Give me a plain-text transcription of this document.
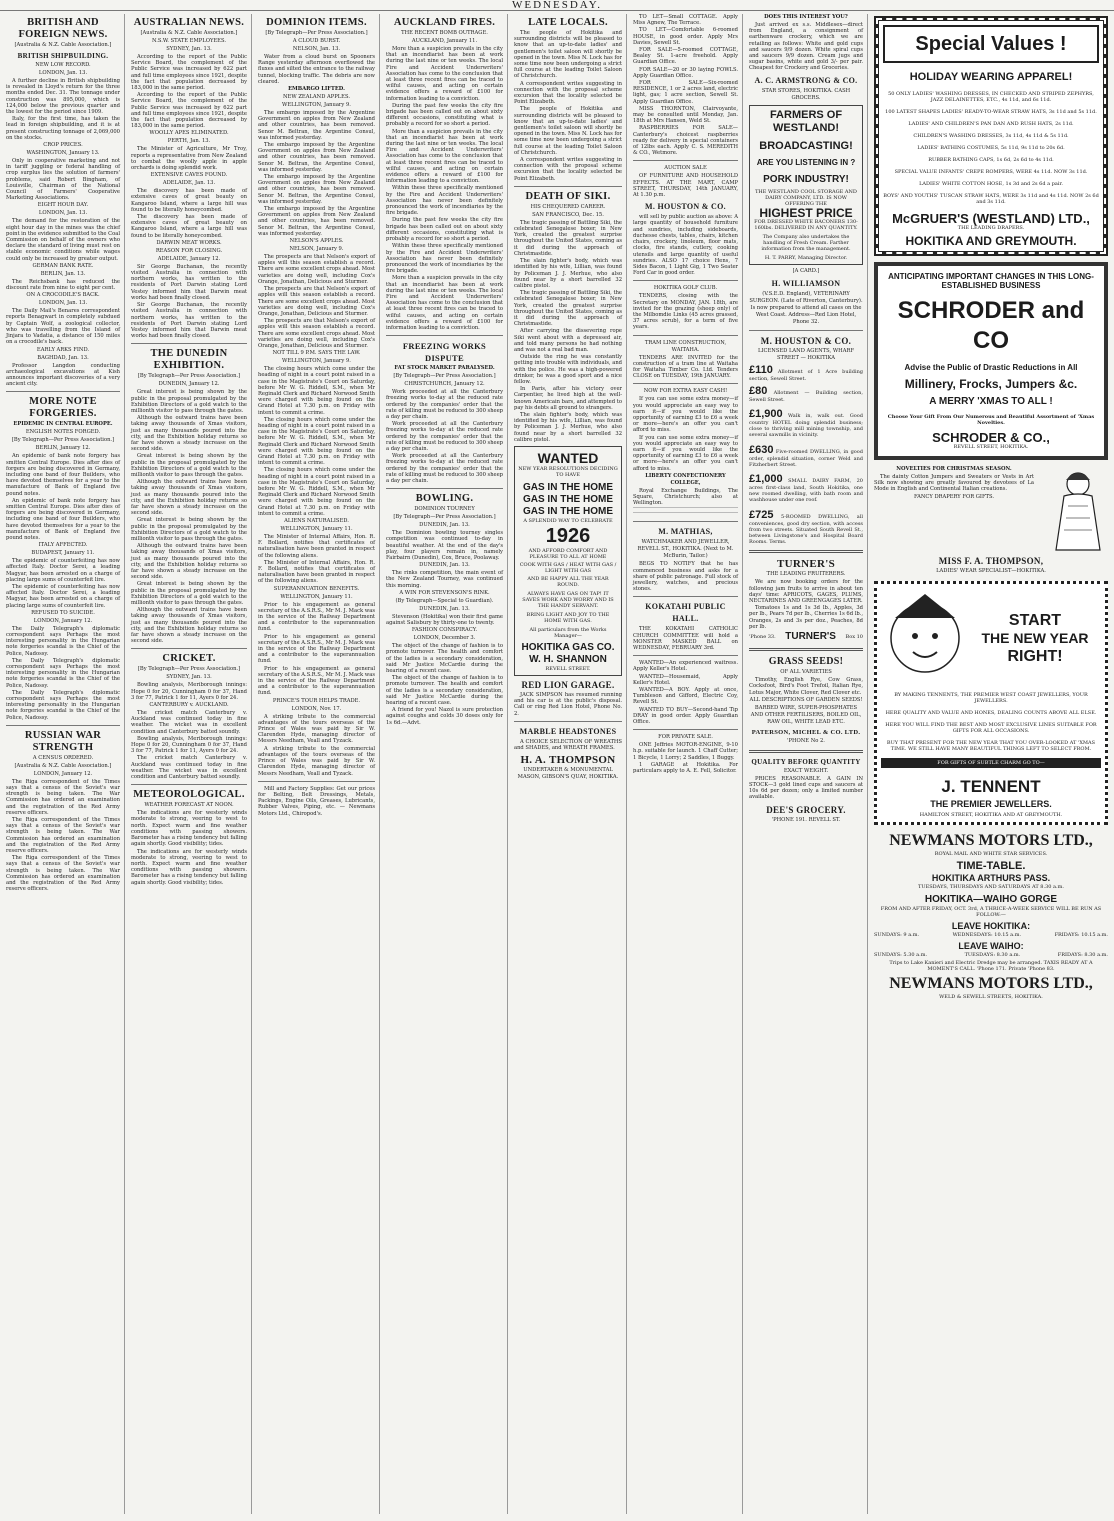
WEDNESDAY.
BRITISH AND FOREIGN NEWS.
[Australia & N.Z. Cable Association.]
BRITISH SHIPBUILDING.
NEW LOW RECORD.
LONDON, Jan. 13.

A further decline in British shipbuilding is revealed in Lloyd's return for the three months ended Dec. 31. The tonnage under construction was 895,000, which is 124,000 below the previous quarter and the lowest for the period since 1909.

Italy, for the first time, has taken the lead in foreign shipbuilding, and it is at present constructing tonnage of 2,069,000 on the stocks.

CROP PRICES.
WASHINGTON, January 13.

Only in cooperative marketing and not in tariff juggling or federal handling of crop surplus lies the solution of farmers' problems, said Robert Bingham, of Louisville, Chairman of the National Council of Farmers' Cooperative Marketing Associations.

EIGHT HOUR DAY.
LONDON, Jan. 13.

The demand for the restoration of the eight hour day in the mines was the chief point in the evidence submitted to the Coal Commission on behalf of the owners who declare the standard of living must rest on stable economic conditions while wages could only be increased by greater output.

GERMAN BANK RATE.
BERLIN, Jan. 13.

The Reichsbank has reduced the discount rate from nine to eight per cent.

ON A CROCODILE'S BACK.
LONDON, Jan. 13.

The Daily Mail's Benares correspondent reports Benagwart in completely subdued by Captain Wolf, a zoological collector, who was travelling from the Island of Jinjara to Vadatia, a distance of 150 miles on a crocodile's back.

EARLY ARKS FIND.
BAGHDAD, Jan. 13.

Professor Langdon conducting archaeological excavations at Kish announces important discoveries of a very ancient city.

MORE NOTE FORGERIES.
EPIDEMIC IN CENTRAL EUROPE.
ENGLISH NOTES FORGED.
[By Telegraph—Per Press Association.]
BERLIN, January 12.

An epidemic of bank note forgery has smitten Central Europe. Dies after dies of forgers are being discovered in Germany, including one band of four Builders, who have devoted themselves for a year to the manufacture of Bank of England five pound notes.

An epidemic of bank note forgery has smitten Central Europe. Dies after dies of forgers are being discovered in Germany, including one band of four Builders, who have devoted themselves for a year to the manufacture of Bank of England five pound notes.

ITALY AFFECTED.
BUDAPEST, January 11.

The epidemic of counterfeiting has now affected Italy. Doctor Serei, a leading Magyar, has been arrested on a charge of placing large sums of counterfeit lire.

The epidemic of counterfeiting has now affected Italy. Doctor Serei, a leading Magyar, has been arrested on a charge of placing large sums of counterfeit lire.

REFUSED TO SUICIDE.
LONDON, January 12.

The Daily Telegraph's diplomatic correspondent says Perhaps the most interesting personality in the Hungarian note forgeries scandal is the Chief of the Police, Nadossy.

The Daily Telegraph's diplomatic correspondent says Perhaps the most interesting personality in the Hungarian note forgeries scandal is the Chief of the Police, Nadossy.

The Daily Telegraph's diplomatic correspondent says Perhaps the most interesting personality in the Hungarian note forgeries scandal is the Chief of the Police, Nadossy.

RUSSIAN WAR STRENGTH
A CENSUS ORDERED.
[Australia & N.Z. Cable Association.]
LONDON, January 12.

The Riga correspondent of the Times says that a census of the Soviet's war strength is being taken. The War Commission has ordered an examination and the registration of the Red Army reserve officers.

The Riga correspondent of the Times says that a census of the Soviet's war strength is being taken. The War Commission has ordered an examination and the registration of the Red Army reserve officers.

The Riga correspondent of the Times says that a census of the Soviet's war strength is being taken. The War Commission has ordered an examination and the registration of the Red Army reserve officers.

AUSTRALIAN NEWS.
[Australia & N.Z. Cable Association.]
N.S.W. STATE EMPLOYEES.
SYDNEY, Jan. 13.

According to the report of the Public Service Board, the complement of the Public Service was increased by 622 part and full time employees since 1921, despite the fact that population decreased by 183,000 in the same period.

According to the report of the Public Service Board, the complement of the Public Service was increased by 622 part and full time employees since 1921, despite the fact that population decreased by 183,000 in the same period.

WOOLLY APES ELIMINATED.
PERTH, Jan. 13.

The Minister of Agriculture, Mr Troy, reports a representative from New Zealand to combat the woolly apple in apple orchards is doing splendid work.

EXTENSIVE CAVES FOUND.
ADELAIDE, Jan. 13.

The discovery has been made of extensive caves of great beauty on Kangaroo Island, where a large hill was found to be literally honeycombed.

The discovery has been made of extensive caves of great beauty on Kangaroo Island, where a large hill was found to be literally honeycombed.

DARWIN MEAT WORKS.
REASON FOR CLOSING.
ADELAIDE, January 12.

Sir George Buchanan, the recently visited Australia in connection with northern works, has written to the residents of Port Darwin stating Lord Vestey informed him that Darwin meat works had been finally closed.

Sir George Buchanan, the recently visited Australia in connection with northern works, has written to the residents of Port Darwin stating Lord Vestey informed him that Darwin meat works had been finally closed.

THE DUNEDIN EXHIBITION.
[By Telegraph—Per Press Association.]
DUNEDIN, January 12.

Great interest is being shown by the public in the proposal promulgated by the Exhibition Directors of a gold watch to the millionth visitor to pass through the gates.

Although the outward trains have been taking away thousands of Xmas visitors, just as many thousands poured into the city, and the Exhibition holiday returns so far have shown a steady increase on the second side.

Great interest is being shown by the public in the proposal promulgated by the Exhibition Directors of a gold watch to the millionth visitor to pass through the gates.

Although the outward trains have been taking away thousands of Xmas visitors, just as many thousands poured into the city, and the Exhibition holiday returns so far have shown a steady increase on the second side.

Great interest is being shown by the public in the proposal promulgated by the Exhibition Directors of a gold watch to the millionth visitor to pass through the gates.

Although the outward trains have been taking away thousands of Xmas visitors, just as many thousands poured into the city, and the Exhibition holiday returns so far have shown a steady increase on the second side.

Great interest is being shown by the public in the proposal promulgated by the Exhibition Directors of a gold watch to the millionth visitor to pass through the gates.

Although the outward trains have been taking away thousands of Xmas visitors, just as many thousands poured into the city, and the Exhibition holiday returns so far have shown a steady increase on the second side.

CRICKET.
[By Telegraph—Per Press Association.]
SYDNEY, Jan. 13.

Bowling analysis, Meriborough innings: Hope 0 for 20, Cunningham 0 for 37, Hand 3 for 77, Patrick 1 for 11, Ayers 0 for 24.

CANTERBURY v. AUCKLAND.

The cricket match Canterbury v. Auckland was continued today in fine weather. The wicket was in excellent condition and Canterbury batted soundly.

Bowling analysis, Meriborough innings: Hope 0 for 20, Cunningham 0 for 37, Hand 3 for 77, Patrick 1 for 11, Ayers 0 for 24.

The cricket match Canterbury v. Auckland was continued today in fine weather. The wicket was in excellent condition and Canterbury batted soundly.

METEOROLOGICAL.
WEATHER FORECAST AT NOON.

The indications are for westerly winds moderate to strong, veering to west to north. Expect warm and fine weather conditions with passing showers. Barometer has a rising tendency but falling again shortly. Good visibility; tides.

The indications are for westerly winds moderate to strong, veering to west to north. Expect warm and fine weather conditions with passing showers. Barometer has a rising tendency but falling again shortly. Good visibility; tides.

DOMINION ITEMS.
[By Telegraph—Per Press Association.]
A CLOUD BURST.
NELSON, Jan. 13.

Water from a cloud burst on Spooners Range yesterday afternoon overflowed the fluxes and silted the entrance to the railway tunnel, blocking traffic. The debris are now cleared.

EMBARGO LIFTED.
NEW ZEALAND APPLES.
WELLINGTON, January 9.

The embargo imposed by the Argentine Government on apples from New Zealand and other countries, has been removed. Senor M. Beltran, the Argentine Consul, was informed yesterday.

The embargo imposed by the Argentine Government on apples from New Zealand and other countries, has been removed. Senor M. Beltran, the Argentine Consul, was informed yesterday.

The embargo imposed by the Argentine Government on apples from New Zealand and other countries, has been removed. Senor M. Beltran, the Argentine Consul, was informed yesterday.

The embargo imposed by the Argentine Government on apples from New Zealand and other countries, has been removed. Senor M. Beltran, the Argentine Consul, was informed yesterday.

NELSON'S APPLES.
NELSON, January 9.

The prospects are that Nelson's export of apples will this season establish a record. There are some excellent crops ahead. Most varieties are doing well, including Cox's Orange, Jonathan, Delicious and Sturmer.

The prospects are that Nelson's export of apples will this season establish a record. There are some excellent crops ahead. Most varieties are doing well, including Cox's Orange, Jonathan, Delicious and Sturmer.

The prospects are that Nelson's export of apples will this season establish a record. There are some excellent crops ahead. Most varieties are doing well, including Cox's Orange, Jonathan, Delicious and Sturmer.

NOT TILL 9 P.M. SAYS THE LAW.
WELLINGTON, January 9.

The closing hours which come under the heading of night in a court point raised in a case in the Magistrate's Court on Saturday, before Mr W. G. Riddell, S.M., when Mr Reginald Clerk and Richard Norwood Smith were charged with being found on the Grand Hotel at 7.30 p.m. on Friday with intent to commit a crime.

The closing hours which come under the heading of night in a court point raised in a case in the Magistrate's Court on Saturday, before Mr W. G. Riddell, S.M., when Mr Reginald Clerk and Richard Norwood Smith were charged with being found on the Grand Hotel at 7.30 p.m. on Friday with intent to commit a crime.

The closing hours which come under the heading of night in a court point raised in a case in the Magistrate's Court on Saturday, before Mr W. G. Riddell, S.M., when Mr Reginald Clerk and Richard Norwood Smith were charged with being found on the Grand Hotel at 7.30 p.m. on Friday with intent to commit a crime.

ALIENS NATURALISED.
WELLINGTON, January 11.

The Minister of Internal Affairs, Hon. R. F. Bollard, notifies that certificates of naturalisation have been granted in respect of the following aliens.

The Minister of Internal Affairs, Hon. R. F. Bollard, notifies that certificates of naturalisation have been granted in respect of the following aliens.

SUPERANNUATION BENEFITS.
WELLINGTON, January 11.

Prior to his engagement as general secretary of the A.S.R.S., Mr M. J. Mack was in the service of the Railway Department and a contributor to the superannuation fund.

Prior to his engagement as general secretary of the A.S.R.S., Mr M. J. Mack was in the service of the Railway Department and a contributor to the superannuation fund.

Prior to his engagement as general secretary of the A.S.R.S., Mr M. J. Mack was in the service of the Railway Department and a contributor to the superannuation fund.

PRINCE'S TOUR HELPS TRADE.
LONDON, Nov. 17.

A striking tribute to the commercial advantages of the tours overseas of the Prince of Wales was paid by Sir W. Clarendon Hyde, managing director of Messrs Needham, Veall and Tyzack.

A striking tribute to the commercial advantages of the tours overseas of the Prince of Wales was paid by Sir W. Clarendon Hyde, managing director of Messrs Needham, Veall and Tyzack.

Mill and Factory Supplies: Get our prices for Belting, Belt Dressings, Metals, Packings, Engine Oils, Greases, Lubricants, Rubber Valves, Piping, etc. — Newmans Motors Ltd., Chiropod's.

AUCKLAND FIRES.
THE RECENT BOMB OUTRAGE.
AUCKLAND, January 11.

More than a suspicion prevails in the city that an incendiarist has been at work during the last nine or ten weeks. The local Fire and Accident Underwriters' Association has come to the conclusion that at least three recent fires can be traced to wilful causes, and acting on certain evidence offers a reward of £100 for information leading to a conviction.

During the past few weeks the city fire brigade has been called out on about sixty different occasions, constituting what is probably a record for so short a period.

More than a suspicion prevails in the city that an incendiarist has been at work during the last nine or ten weeks. The local Fire and Accident Underwriters' Association has come to the conclusion that at least three recent fires can be traced to wilful causes, and acting on certain evidence offers a reward of £100 for information leading to a conviction.

Within these three specifically mentioned by the Fire and Accident Underwriters' Association has never been definitely pronounced the work of incendiaries by the fire brigade.

During the past few weeks the city fire brigade has been called out on about sixty different occasions, constituting what is probably a record for so short a period.

Within these three specifically mentioned by the Fire and Accident Underwriters' Association has never been definitely pronounced the work of incendiaries by the fire brigade.

More than a suspicion prevails in the city that an incendiarist has been at work during the last nine or ten weeks. The local Fire and Accident Underwriters' Association has come to the conclusion that at least three recent fires can be traced to wilful causes, and acting on certain evidence offers a reward of £100 for information leading to a conviction.

FREEZING WORKS DISPUTE
FAT STOCK MARKET PARALYSED.
[By Telegraph—Per Press Association.]
CHRISTCHURCH, January 12.

Work proceeded at all the Canterbury freezing works to-day at the reduced rate ordered by the companies' order that the rate of killing must be reduced to 300 sheep a day per chain.

Work proceeded at all the Canterbury freezing works to-day at the reduced rate ordered by the companies' order that the rate of killing must be reduced to 300 sheep a day per chain.

Work proceeded at all the Canterbury freezing works to-day at the reduced rate ordered by the companies' order that the rate of killing must be reduced to 300 sheep a day per chain.

BOWLING.
DOMINION TOURNEY
[By Telegraph—Per Press Association.]
DUNEDIN, Jan. 13.

The Dominion bowling tourney singles competition was continued to-day in beautiful weather. At the end of the day's play, four players remain in, namely Fairbairn (Dunedin), Cox, Bruce, Poolaway.

DUNEDIN, Jan. 13.

The rinks competition, the main event of the New Zealand Tourney, was continued this morning.

A WIN FOR STEVENSON'S RINK.
(By Telegraph—Special to Guardian).
DUNEDIN, Jan. 13.

Stevenson (Hokitika) won their first game against Salisbury by thirty-one to twenty.

FASHION CONSPIRACY.
LONDON, December 3.

The object of the change of fashion is to promote turnover. The health and comfort of the ladies is a secondary consideration, said Mr Justice McCardie during the hearing of a recent case.

The object of the change of fashion is to promote turnover. The health and comfort of the ladies is a secondary consideration, said Mr Justice McCardie during the hearing of a recent case.

A friend for you! Nazol is sure protection against coughs and colds 30 doses only for 1s 6d.—Advt.

LATE LOCALS.

The people of Hokitika and surrounding districts will be pleased to know that an up-to-date ladies' and gentlemen's toilet saloon will shortly be opened in the town. Miss N. Lock has for some time now been undergoing a strict full course at the leading Toilet Saloon of Christchurch.

A correspondent writes suggesting in connection with the proposal scheme excursion that the locality selected be Point Elizabeth.

The people of Hokitika and surrounding districts will be pleased to know that an up-to-date ladies' and gentlemen's toilet saloon will shortly be opened in the town. Miss N. Lock has for some time now been undergoing a strict full course at the leading Toilet Saloon of Christchurch.

A correspondent writes suggesting in connection with the proposal scheme excursion that the locality selected be Point Elizabeth.

DEATH OF SIKI.
HIS CHEQUERED CAREER.
SAN FRANCISCO, Dec. 15.

The tragic passing of Battling Siki, the celebrated Senegalese boxer, in New York, created the greatest surprise throughout the United States, coming as it did during the approach of Christmastide.

The slain fighter's body, which was identified by his wife, Lillian, was found by Policeman J. J. Merhue, who also found near by a short barrelled 32 calibre pistol.

The tragic passing of Battling Siki, the celebrated Senegalese boxer, in New York, created the greatest surprise throughout the United States, coming as it did during the approach of Christmastide.

After carrying the dissevering rope Siki went about with a depressed air, and told many persons he had nothing and was not a real bad man.

Outside the ring he was constantly getting into trouble with individuals, and with the police. He was a high-powered drinker, he was a good sport and a nice fellow.

In Paris, after his victory over Carpentier, he lived high at the well-known Americain bars, and attempted to pay his debts all ground to strangers.

The slain fighter's body, which was identified by his wife, Lillian, was found by Policeman J. J. Merhue, who also found near by a short barrelled 32 calibre pistol.

WANTED
NEW YEAR RESOLUTIONS DECIDING TO HAVE
GAS IN THE HOME
GAS IN THE HOME
GAS IN THE HOME
A SPLENDID WAY TO CELEBRATE
1926
AND AFFORD COMFORT AND PLEASURE TO ALL AT HOME
COOK WITH GAS / HEAT WITH GAS / LIGHT WITH GAS
AND BE HAPPY ALL THE YEAR ROUND.
ALWAYS HAVE GAS ON TAP! IT SAVES WORK AND WORRY AND IS THE HANDY SERVANT.
BRING LIGHT AND JOY TO THE HOME WITH GAS.
All particulars from the Works Manager—
HOKITIKA GAS CO.
W. H. SHANNON
REVELL STREET.
RED LION GARAGE.

JACK SIMPSON has resumed running and his car is at the public's disposal. Call or ring Red Lion Hotel, Phone No. 2.

MARBLE HEADSTONES

A CHOICE SELECTION OF WREATHS and SHADES, and WREATH FRAMES.

H. A. THOMPSON
UNDERTAKER & MONUMENTAL MASON, GIBSON'S QUAY, HOKITIKA.

TO LET—Small COTTAGE. Apply Miss Agnew, The Terrace.

TO LET—Comfortable 6-roomed HOUSE, in good order. Apply Mrs Davies, Sewell St.

FOR SALE—5-roomed COTTAGE, Bealey St. 1-acre freehold. Apply Guardian Office.

FOR SALE—20 or 30 laying FOWLS. Apply Guardian Office.

FOR SALE—Six-roomed RESIDENCE, 1 or 2 acres land, electric light, gas; 1 acre section, Sewell St. Apply Guardian Office.

MISS THORNTON, Clairvoyante, may be consulted until Monday, Jan. 18th at Mrs Hansen, Weld St.

RASPBERRIES FOR SALE—Canterbury's choicest raspberries ready for delivery in special containers of 12lbs each. Apply C. S. MEREDITH & CO., Wetmore.

AUCTION SALE

OF FURNITURE AND HOUSEHOLD EFFECTS. AT THE MART, CAMP STREET, THURSDAY, 14th JANUARY, At 1.30 p.m.

M. HOUSTON & CO.

will sell by public auction as above: A large quantity of household furniture and sundries, including sideboards, duchesse chests, tables, chairs, kitchen chairs, crockery, linoleum, floor mats, clocks, fire stands, cutlery, cooking utensils and large quantity of useful sundries. ALSO 17 choice Hens, 7 Sides Bacon, 1 Light Gig, 1 Two Seater Ford Car in good order.

HOKITIKA GOLF CLUB.

TENDERS, closing with the Secretary on MONDAY, JAN. 18th, are invited for the grazing (sheep only) of the Milbomdie Links (45 acres grassed, 37 acres scrub), for a term of five years.

TRAM LINE CONSTRUCTION, WAITAHA.

TENDERS ARE INVITED for the construction of a tram line at Waitaha for Waitaha Timber Co. Ltd. Tenders CLOSE on TUESDAY, 19th JANUARY.

NOW FOR EXTRA EASY CASH!

If you can use some extra money—if you would appreciate an easy way to earn it—if you would like the opportunity of earning £3 to £6 a week or more—here's an offer you can't afford to miss.

If you can use some extra money—if you would appreciate an easy way to earn it—if you would like the opportunity of earning £3 to £6 a week or more—here's an offer you can't afford to miss.

LIBERTY CONFECTIONERY COLLEGE,

Royal Exchange Buildings, The Square, Christchurch; also at Wellington.

M. MATHIAS,
WATCHMAKER AND JEWELLER, REVELL ST., HOKITIKA. (Next to M. McBurin, Tailor.)

BEGS TO NOTIFY that he has commenced business and asks for a share of public patronage. Full stock of jewellery, watches, and precious stones.

KOKATAHI PUBLIC HALL.

THE KOKATAHI CATHOLIC CHURCH COMMITTEE will hold a MONSTER MASKED BALL on WEDNESDAY, FEBRUARY 3rd.

WANTED—An experienced waitress. Apply Keller's Hotel.

WANTED—Housemaid, Apply Keller's Hotel.

WANTED—A BOY. Apply at once, Tumbleson and Gifford, Electric Coy, Revell St.

WANTED TO BUY—Second-hand Tip DRAY in good order. Apply Guardian Office.

FOR PRIVATE SALE.

ONE Jeffries MOTOR-ENGINE, 9-10 h.p. suitable for launch. 1 Chaff Cutter; 1 Bicycle, 1 Lorry; 2 Saddles, 1 Buggy.

1 GARAGE at Hokitika. For particulars apply to A. E. Fell, Solicitor.

DOES THIS INTEREST YOU?

Just arrived ex s.s. Middlesex—direct from England, a consignment of earthenware crockery, which we are retailing as follows: White and gold cups and saucers 9/9 dozen. White spiral cups and saucers 9/9 dozen. Cream jugs and sugar basins, white and gold 3/- per pair. Cheapest for Crockery and Groceries.

A. C. ARMSTRONG & CO.
STAR STORES, HOKITIKA. CASH GROCERS.
FARMERS OF WESTLAND!
BROADCASTING!
ARE YOU LISTENING IN ?
PORK INDUSTRY!
THE WESTLAND COOL STORAGE AND DAIRY COMPANY, LTD. IS NOW OFFERING THE
HIGHEST PRICE
FOR DRESSED WHITE BACONERS 130-160lbs. DELIVERED IN ANY QUANTITY.
The Company also undertakes the handling of Fresh Cream. Farther information from the management.
H. T. PARRY, Managing Director.
[A CARD.]
H. WILLIAMSON
(V.S.E.D. England), VETERINARY SURGEON. (Late of Riverton, Canterbury). Is now prepared to attend all cases on the West Coast. Address—Red Lion Hotel, Phone 32.
M. HOUSTON & CO.
LICENSED LAND AGENTS, WHARF STREET — HOKITIKA
£110 Allotment of 1 Acre building section, Sewell Street.
£80 Allotment — Building section, Sewell Street.
£1,900 Walk in, walk out. Good country HOTEL doing splendid business; close to thriving mill mining township, and several sawmills in vicinity.
£630 Five-roomed DWELLING, in good order, splendid situation, corner Weld and Fitzherbert Street.
£1,000 SMALL DAIRY FARM, 20 acres first-class land, South Hokitika, one new roomed dwelling, with bath room and washhouse under one roof.
£725 5-ROOMED DWELLING, all conveniences, good dry section, with access from two streets. Situated South Revell St., between Livingstone's and Hospital Board Rooms. Terms.
TURNER'S
THE LEADING FRUITERERS.

We are now booking orders for the following jam fruits to arrive in about ten days' time: APRICOTS, GAGES, PLUMS, NECTARINES AND GREENGAGES LATER.

Tomatoes 1s and 1s 3d lb., Apples, 3d per lb., Pears 7d per lb., Cherries 1s 6d lb., Oranges, 2s and 3s per doz., Peaches, 8d per lb.

'Phone 33. TURNER'S Box 10
GRASS SEEDS!
OF ALL VARIETIES

Timothy, English Rye, Cow Grass, Cocksfoot, Bird's Foot Trefoil, Italian Rye, Lotus Major, White Clover, Red Clover etc.

ALL DESCRIPTIONS OF GARDEN SEEDS!
BARBED WIRE, SUPER-PHOSPHATES AND OTHER FERTILISERS, BOILED OIL, RAW OIL, WHITE LEAD ETC.
PATERSON, MICHEL & CO. LTD.
'PHONE No 2.
QUALITY BEFORE QUANTITY
EXACT WEIGHT.

PRICES REASONABLE. A GAIN IN STOCK—3 gold lined cups and saucers at 10s 6d per dozen; only a limited number available.

DEE'S GROCERY.
'PHONE 191. REVELL ST.
Special Values !
HOLIDAY WEARING APPAREL!
50 ONLY LADIES' WASHING DRESSES, IN CHECKED AND STRIPED ZEPHYRS, JAZZ DELAINETTES, ETC., 4s 11d, and 6s 11d.
100 LATEST SHAPES LADIES' READY-TO-WEAR STRAW HATS, 3s 11d and 5s 11d.
LADIES' AND CHILDREN'S PAN DAN AND RUSH HATS, 2s 11d.
CHILDREN'S WASHING DRESSES, 3s 11d, 4s 11d & 5s 11d.
LADIES' BATHING COSTUMES, 5s 11d, 9s 11d to 20s 6d.
RUBBER BATHING CAPS, 1s 6d, 2s 6d to 4s 11d.
SPECIAL VALUE INFANTS' CREPE ROMPERS, WERE 4s 11d. NOW 3s 11d.
LADIES' WHITE COTTON HOSE, 1s 3d and 2s 6d a pair.
BOYS' AND YOUTHS' TUSCAN STRAW HATS, WERE 3s 11d and 4s 11d. NOW 2s 6d and 3s 11d.
McGRUER'S (WESTLAND) LTD.,
THE LEADING DRAPERS.
HOKITIKA AND GREYMOUTH.
ANTICIPATING IMPORTANT CHANGES IN THIS LONG-ESTABLISHED BUSINESS
SCHRODER and CO
Advise the Public of Drastic Reductions in All
Millinery, Frocks, Jumpers &c.
A MERRY 'XMAS TO ALL !
Choose Your Gift From Our Numerous and Beautiful Assortment of 'Xmas Novelties.
SCHRODER & CO.,
REVELL STREET, HOKITIKA.
NOVELTIES FOR CHRISTMAS SEASON.

The dainty Cotton Jumpers and Sweaters or Vests in Art Silk now showing are greatly favoured by devotees of La Mode in English and Continental Italian creations.

FANCY DRAPERY FOR GIFTS.
MISS F. A. THOMPSON,
LADIES' WEAR SPECIALIST—HOKITIKA.
START
THE NEW YEAR
RIGHT!
BY MAKING TENNENTS, THE PREMIER WEST COAST JEWELLERS, YOUR JEWELLERS.
HERE QUALITY AND VALUE AND HONES, DEALING COUNTS ABOVE ALL ELSE.
HERE YOU WILL FIND THE BEST AND MOST EXCLUSIVE LINES SUITABLE FOR GIFTS FOR ALL OCCASIONS.
BUY THAT PRESENT FOR THE NEW YEAR THAT YOU OVER-LOOKED AT 'XMAS TIME. WE STILL HAVE MANY BEAUTIFUL THINGS LEFT TO SELECT FROM.
FOR GIFTS OF SUBTLE CHARM GO TO—
J. TENNENT
THE PREMIER JEWELLERS.
HAMILTON STREET, HOKITIKA AND AT GREYMOUTH.
NEWMANS MOTORS LTD.,
ROYAL MAIL AND WHITE STAR SERVICES.
TIME-TABLE.
HOKITIKA ARTHURS PASS.
TUESDAYS, THURSDAYS AND SATURDAYS AT 8.30 a.m.
HOKITIKA—WAIHO GORGE
FROM AND AFTER FRIDAY, OCT. 3rd, A THRICE-A-WEEK SERVICE WILL BE RUN AS FOLLOW:—
LEAVE HOKITIKA:
SUNDAYS: 9 a.m.	WEDNESDAYS: 10.15 a.m.	FRIDAYS: 10.15 a.m.
LEAVE WAIHO:
SUNDAYS: 5.30 a.m.	TUESDAYS: 8.30 a.m.	FRIDAYS: 8.30 a.m.
Trips to Lake Kanieri and Electric Dredge may be arranged. TAXIS READY AT A MOMENT'S CALL. 'Phone 171. Private 'Phone 83.
NEWMANS MOTORS LTD.,
WELD & SEWELL STREETS, HOKITIKA.
